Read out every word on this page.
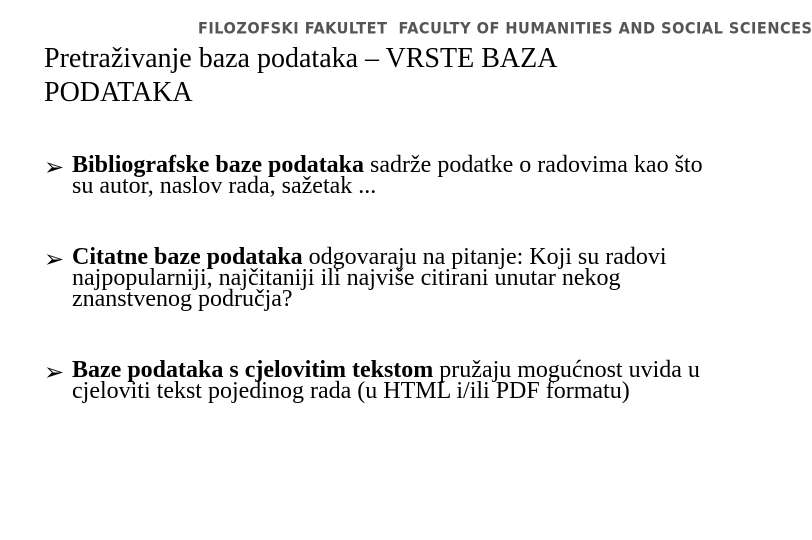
FILOZOFSKI FAKULTET FACULTY OF HUMANITIES AND SOCIAL SCIENCES
Pretraživanje baza podataka – VRSTE BAZA PODATAKA
➢ Bibliografske baze podataka sadrže podatke o radovima kao što su autor, naslov rada, sažetak ...
➢ Citatne baze podataka odgovaraju na pitanje: Koji su radovi najpopularniji, najčitaniji ili najviše citirani unutar nekog znanstvenog područja?
➢ Baze podataka s cjelovitim tekstom pružaju mogućnost uvida u cjeloviti tekst pojedinog rada (u HTML i/ili PDF formatu)
